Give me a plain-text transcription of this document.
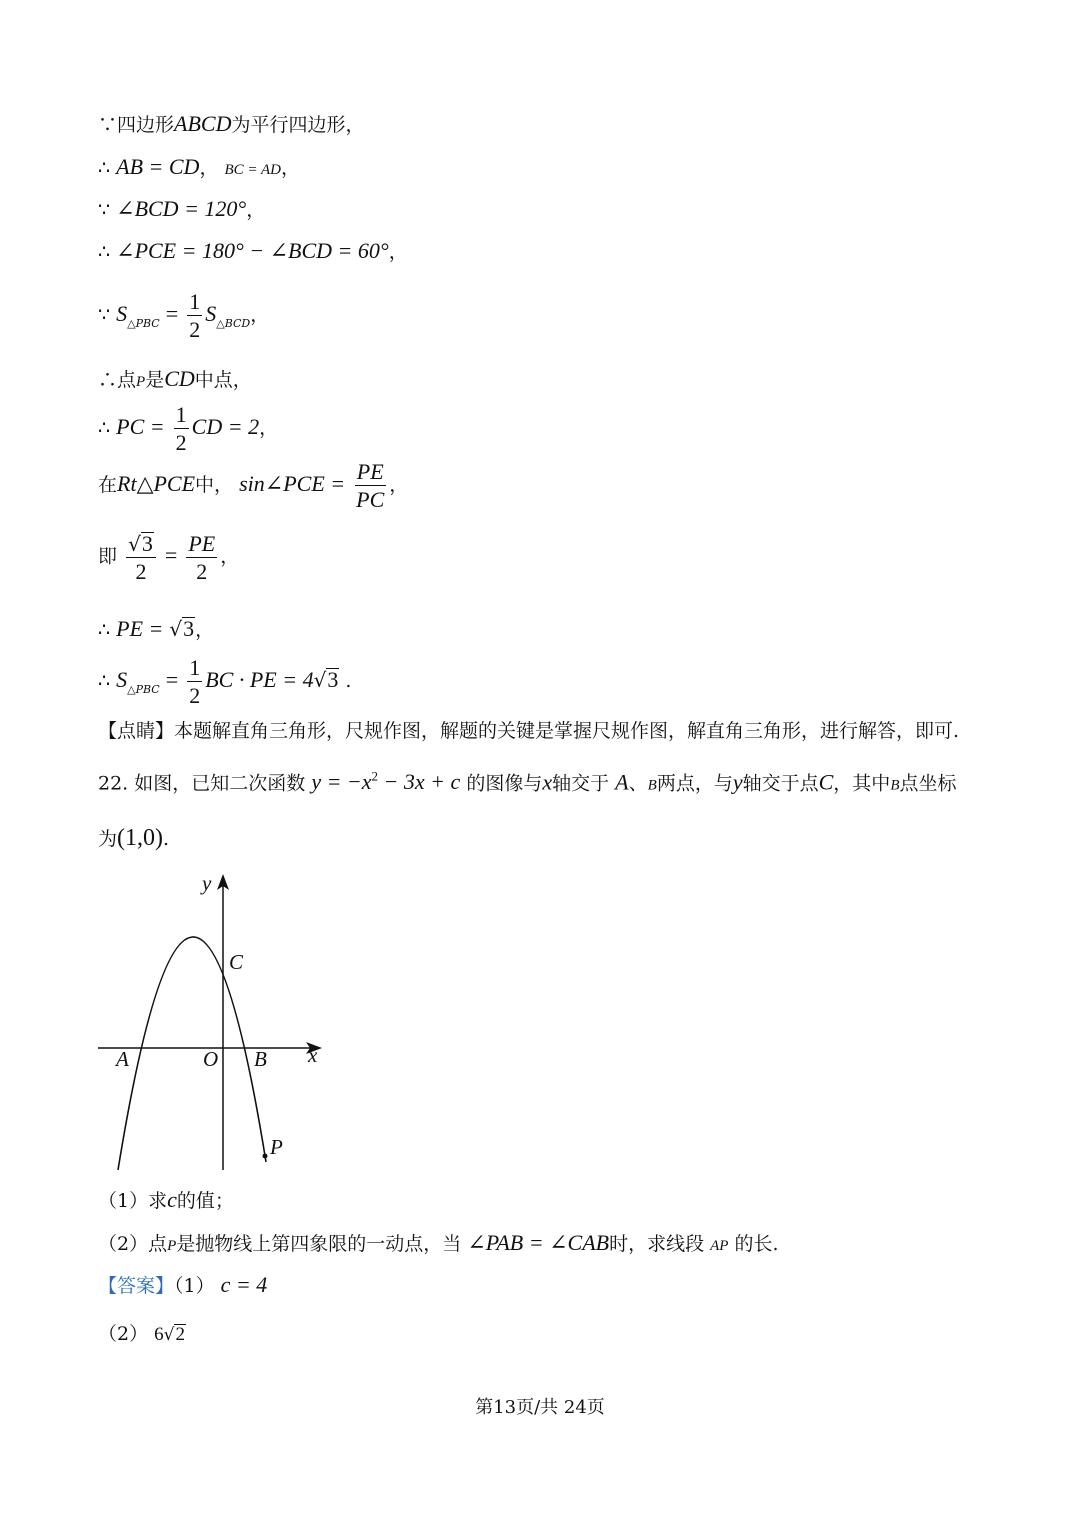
∵四边形ABCD为平行四边形，
∴ AB = CD， BC = AD，
∵ ∠BCD = 120°，
∴ ∠PCE = 180° − ∠BCD = 60°，
∵ $S_{\triangle PBC} = \frac{1}{2} S_{\triangle BCD}$，
∴点P是CD中点，
∴ PC = $\frac{1}{2}$ CD = 2，
在Rt△PCE中， sin∠PCE = $\frac{PE}{PC}$ ，
即 $\frac{√3}{2} = \frac{PE}{2}$ ，
∴ PE = √3，
∴ $S_{\triangle PBC} = \frac{1}{2}$ BC · PE = 4√3 .
【点睛】本题解直角三角形，尺规作图，解题的关键是掌握尺规作图，解直角三角形，进行解答，即可.
22. 如图，已知二次函数 $y = -x^2 - 3x + c$ 的图像与x轴交于 A、B两点，与y轴交于点C，其中B点坐标
为(1,0).
y
x
A	O B
C
P
（1）求c的值；
（2）点P是抛物线上第四象限的一动点，当 ∠PAB = ∠CAB时，求线段 AP 的长.
【答案】（1） c = 4
（2） 6√2
第13页/共 24页
